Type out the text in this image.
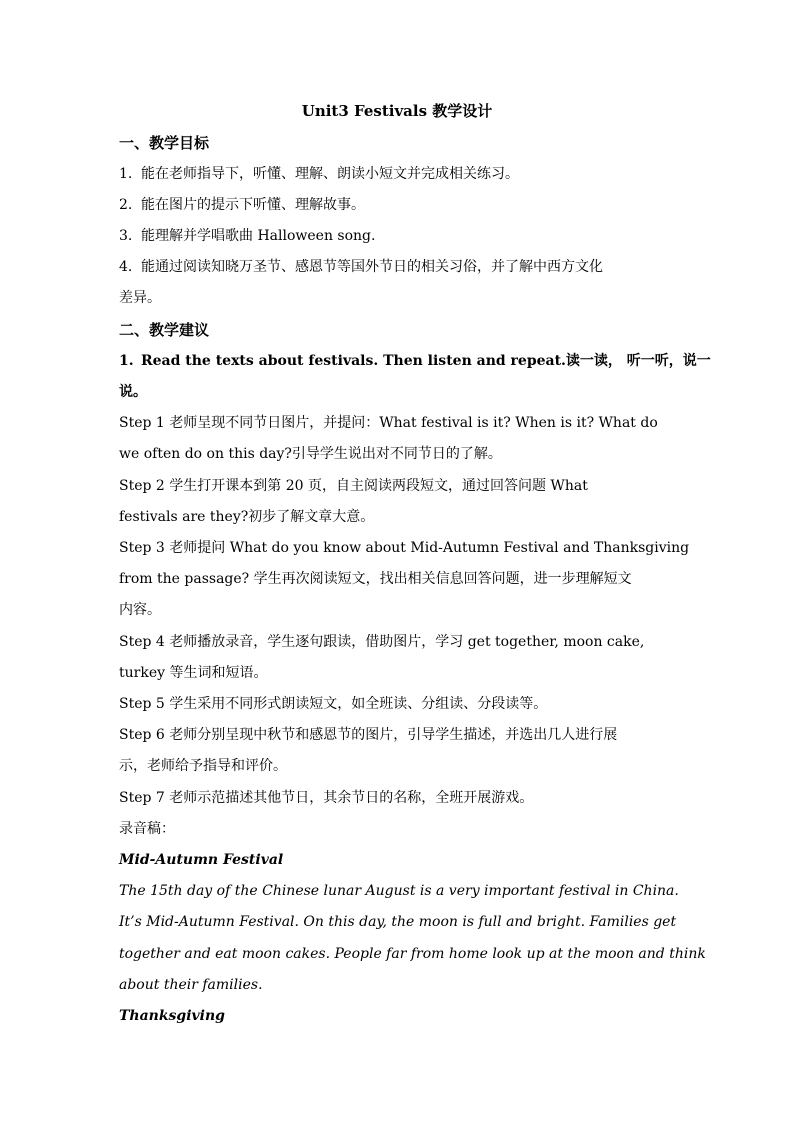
Unit3 Festivals 教学设计
一、教学目标
1. 能在老师指导下，听懂、理解、朗读小短文并完成相关练习。
2. 能在图片的提示下听懂、理解故事。
3. 能理解并学唱歌曲 Halloween song.
4. 能通过阅读知晓万圣节、感恩节等国外节日的相关习俗，并了解中西方文化
差异。
二、教学建议
1. Read the texts about festivals. Then listen and repeat.读一读， 听一听，说一
说。
Step 1 老师呈现不同节日图片，并提问：What festival is it? When is it? What do
we often do on this day?引导学生说出对不同节日的了解。
Step 2 学生打开课本到第 20 页，自主阅读两段短文，通过回答问题 What
festivals are they?初步了解文章大意。
Step 3 老师提问 What do you know about Mid-Autumn Festival and Thanksgiving
from the passage? 学生再次阅读短文，找出相关信息回答问题，进一步理解短文
内容。
Step 4 老师播放录音，学生逐句跟读，借助图片，学习 get together, moon cake,
turkey 等生词和短语。
Step 5 学生采用不同形式朗读短文，如全班读、分组读、分段读等。
Step 6 老师分别呈现中秋节和感恩节的图片，引导学生描述，并选出几人进行展
示，老师给予指导和评价。
Step 7 老师示范描述其他节日，其余节日的名称，全班开展游戏。
录音稿：
Mid-Autumn Festival
The 15th day of the Chinese lunar August is a very important festival in China.
It’s Mid-Autumn Festival. On this day, the moon is full and bright. Families get
together and eat moon cakes. People far from home look up at the moon and think
about their families.
Thanksgiving
